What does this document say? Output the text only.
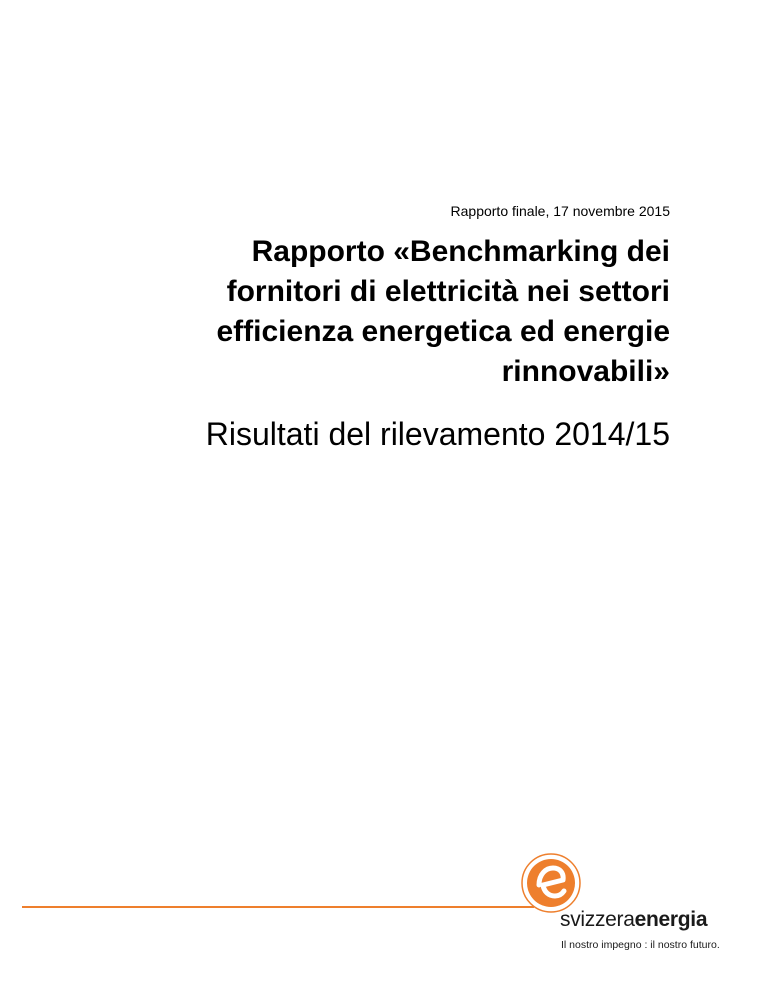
Rapporto finale, 17 novembre 2015
Rapporto «Benchmarking dei
fornitori di elettricità nei settori
efficienza energetica ed energie
rinnovabili»
Risultati del rilevamento 2014/15
svizzeraenergia
Il nostro impegno : il nostro futuro.
